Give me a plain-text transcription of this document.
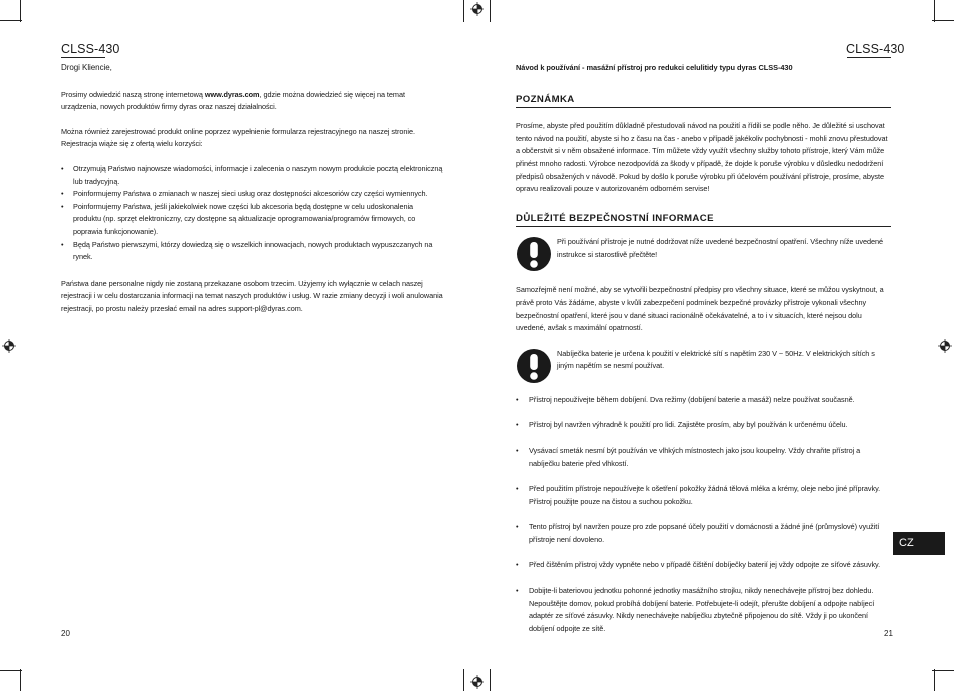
CLSS-430
Drogi Kliencie,

Prosimy odwiedzić naszą stronę internetową www.dyras.com, gdzie można dowiedzieć się więcej na temat urządzenia, nowych produktów firmy dyras oraz naszej działalności.

Można również zarejestrować produkt online poprzez wypełnienie formularza rejestracyjnego na naszej stronie. Rejestracja wiąże się z ofertą wielu korzyści:

• Otrzymują Państwo najnowsze wiadomości, informacje i zalecenia o naszym nowym produkcie pocztą elektroniczną lub tradycyjną.
• Poinformujemy Państwa o zmianach w naszej sieci usług oraz dostępności akcesoriów czy części wymiennych.
• Poinformujemy Państwa, jeśli jakiekolwiek nowe części lub akcesoria będą dostępne w celu udoskonalenia produktu (np. sprzęt elektroniczny, czy dostępne są aktualizacje oprogramowania/programów firmowych, co poprawia funkcjonowanie).
• Będą Państwo pierwszymi, którzy dowiedzą się o wszelkich innowacjach, nowych produktach wypuszczanych na rynek.

Państwa dane personalne nigdy nie zostaną przekazane osobom trzecim. Użyjemy ich wyłącznie w celach naszej rejestracji i w celu dostarczania informacji na temat naszych produktów i usług. W razie zmiany decyzji i woli anulowania rejestracji, po prostu należy przesłać email na adres support-pl@dyras.com.

20
CLSS-430
Návod k používání - masážní přístroj pro redukci celulitidy typu dyras CLSS-430
POZNÁMKA

Prosíme, abyste před použitím důkladně přestudovali návod na použití a řídili se podle něho. Je důležité si uschovat tento návod na použití, abyste si ho z času na čas - anebo v případě jakékoliv pochybnosti - mohli znovu přestudovat a občerstvit si v něm obsažené informace. Tím můžete vždy využít všechny služby tohoto přístroje, který Vám může přinést mnoho radosti. Výrobce nezodpovídá za škody v případě, že dojde k poruše výrobku v důsledku nedodržení předpisů obsažených v návodě. Pokud by došlo k poruše výrobku při účelovém používání přístroje, prosíme, abyste opravu realizovali pouze v autorizovaném odborném servise!

DŮLEŽITÉ BEZPEČNOSTNÍ INFORMACE
Při používání přístroje je nutné dodržovat níže uvedené bezpečnostní opatření. Všechny níže uvedené instrukce si starostlivě přečtěte!

Samozřejmě není možné, aby se vytvořili bezpečnostní předpisy pro všechny situace, které se můžou vyskytnout, a právě proto Vás žádáme, abyste v kvůli zabezpečení podmínek bezpečné provázky přístroje vykonali všechny bezpečnostní opatření, které jsou v dané situaci racionálně očekávatelné, a to i v situacích, které nejsou dolu uvedené, avšak s maximální opatrností.

Nabíječka baterie je určena k použití v elektrické sítí s napětím 230 V ~ 50Hz. V elektrických sítích s jiným napětím se nesmí používat.
• Přístroj nepoužívejte během dobíjení. Dva režimy (dobíjení baterie a masáž) nelze používat současně.
• Přístroj byl navržen výhradně k použití pro lidi. Zajistěte prosím, aby byl používán k určenému účelu.
• Vysávací smeták nesmí být používán ve vlhkých místnostech jako jsou koupelny. Vždy chraňte přístroj a nabíječku baterie před vlhkostí.
• Před použitím přístroje nepoužívejte k ošetření pokožky žádná tělová mléka a krémy, oleje nebo jiné přípravky. Přístroj použijte pouze na čistou a suchou pokožku.
• Tento přístroj byl navržen pouze pro zde popsané účely použití v domácnosti a žádné jiné (průmyslové) využití přístroje není dovoleno.
• Před čištěním přístroj vždy vypněte nebo v případě čištění dobíječky baterií jej vždy odpojte ze síťové zásuvky.
• Dobijte-li bateriovou jednotku pohonné jednotky masážního strojku, nikdy nenechávejte přístroj bez dohledu. Nepouštějte domov, pokud probíhá dobíjení baterie. Potřebujete-li odejít, přerušte dobíjení a odpojte nabíjecí adaptér ze síťové zásuvky. Nikdy nenechávejte nabíječku zbytečně připojenou do sítě. Vždy ji po ukončení dobíjení odpojte ze sítě.
CZ
21
